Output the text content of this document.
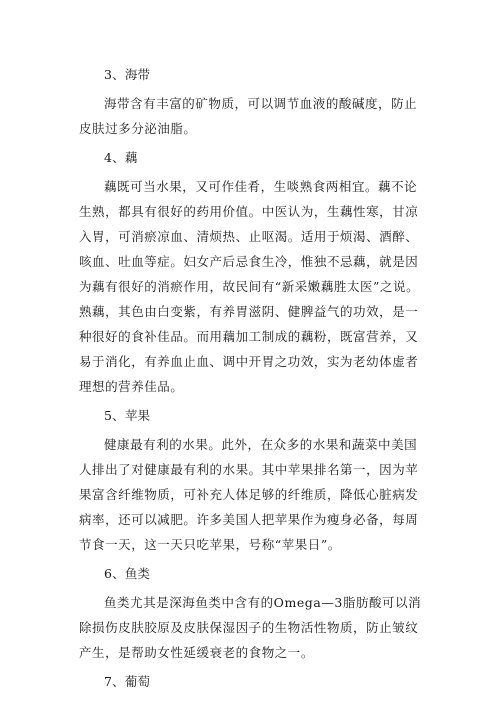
3、海带
海带含有丰富的矿物质，可以调节血液的酸碱度，防止
皮肤过多分泌油脂。
4、藕
藕既可当水果，又可作佳肴，生啖熟食两相宜。藕不论
生熟，都具有很好的药用价值。中医认为，生藕性寒，甘凉
入胃，可消瘀凉血、清烦热、止呕渴。适用于烦渴、酒醉、
咳血、吐血等症。妇女产后忌食生冷，惟独不忌藕，就是因
为藕有很好的消瘀作用，故民间有“新采嫩藕胜太医”之说。
熟藕，其色由白变紫，有养胃滋阴、健脾益气的功效，是一
种很好的食补佳品。而用藕加工制成的藕粉，既富营养，又
易于消化，有养血止血、调中开胃之功效，实为老幼体虚者
理想的营养佳品。
5、苹果
健康最有利的水果。此外，在众多的水果和蔬菜中美国
人排出了对健康最有利的水果。其中苹果排名第一，因为苹
果富含纤维物质，可补充人体足够的纤维质，降低心脏病发
病率，还可以减肥。许多美国人把苹果作为瘦身必备，每周
节食一天，这一天只吃苹果，号称“苹果日”。
6、鱼类
鱼类尤其是深海鱼类中含有的Omega—3脂肪酸可以消
除损伤皮肤胶原及皮肤保湿因子的生物活性物质，防止皱纹
产生，是帮助女性延缓衰老的食物之一。
7、葡萄
